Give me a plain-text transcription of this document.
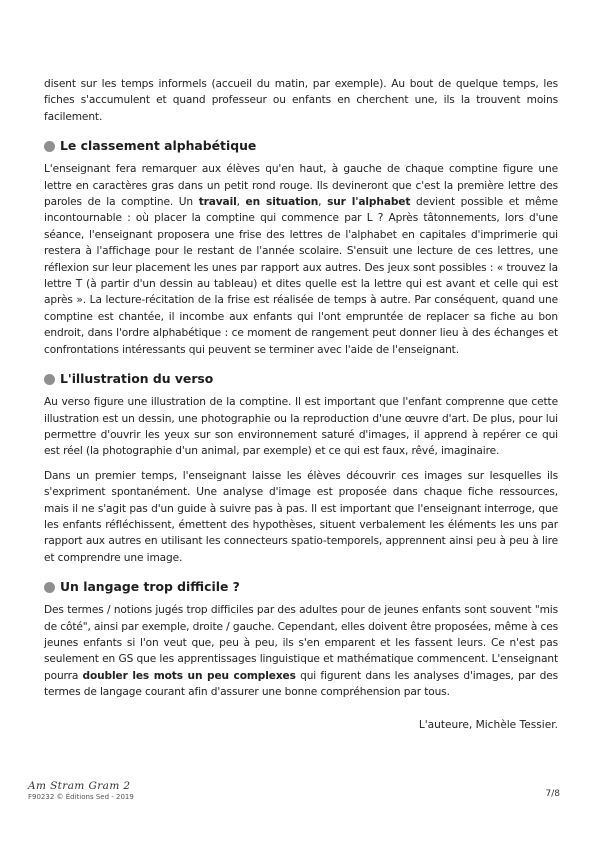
disent sur les temps informels (accueil du matin, par exemple). Au bout de quelque temps, les fiches s'accumulent et quand professeur ou enfants en cherchent une, ils la trouvent moins facilement.

Le classement alphabétique

L'enseignant fera remarquer aux élèves qu'en haut, à gauche de chaque comptine figure une lettre en caractères gras dans un petit rond rouge. Ils devineront que c'est la première lettre des paroles de la comptine. Un travail, en situation, sur l'alphabet devient possible et même incontournable : où placer la comptine qui commence par L ? Après tâtonnements, lors d'une séance, l'enseignant proposera une frise des lettres de l'alphabet en capitales d'imprimerie qui restera à l'affichage pour le restant de l'année scolaire. S'ensuit une lecture de ces lettres, une réflexion sur leur placement les unes par rapport aux autres. Des jeux sont possibles : « trouvez la lettre T (à partir d'un dessin au tableau) et dites quelle est la lettre qui est avant et celle qui est après ». La lecture-récitation de la frise est réalisée de temps à autre. Par conséquent, quand une comptine est chantée, il incombe aux enfants qui l'ont empruntée de replacer sa fiche au bon endroit, dans l'ordre alphabétique : ce moment de rangement peut donner lieu à des échanges et confrontations intéressants qui peuvent se terminer avec l'aide de l'enseignant.

L'illustration du verso

Au verso figure une illustration de la comptine. Il est important que l'enfant comprenne que cette illustration est un dessin, une photographie ou la reproduction d'une œuvre d'art. De plus, pour lui permettre d'ouvrir les yeux sur son environnement saturé d'images, il apprend à repérer ce qui est réel (la photographie d'un animal, par exemple) et ce qui est faux, rêvé, imaginaire.

Dans un premier temps, l'enseignant laisse les élèves découvrir ces images sur lesquelles ils s'expriment spontanément. Une analyse d'image est proposée dans chaque fiche ressources, mais il ne s'agit pas d'un guide à suivre pas à pas. Il est important que l'enseignant interroge, que les enfants réfléchissent, émettent des hypothèses, situent verbalement les éléments les uns par rapport aux autres en utilisant les connecteurs spatio-temporels, apprennent ainsi peu à peu à lire et comprendre une image.

Un langage trop difficile ?

Des termes / notions jugés trop difficiles par des adultes pour de jeunes enfants sont souvent "mis de côté", ainsi par exemple, droite / gauche. Cependant, elles doivent être proposées, même à ces jeunes enfants si l'on veut que, peu à peu, ils s'en emparent et les fassent leurs. Ce n'est pas seulement en GS que les apprentissages linguistique et mathématique commencent. L'enseignant pourra doubler les mots un peu complexes qui figurent dans les analyses d'images, par des termes de langage courant afin d'assurer une bonne compréhension par tous.

L'auteure, Michèle Tessier.
Am Stram Gram 2
F90232 © Éditions Sed - 2019	7/8
